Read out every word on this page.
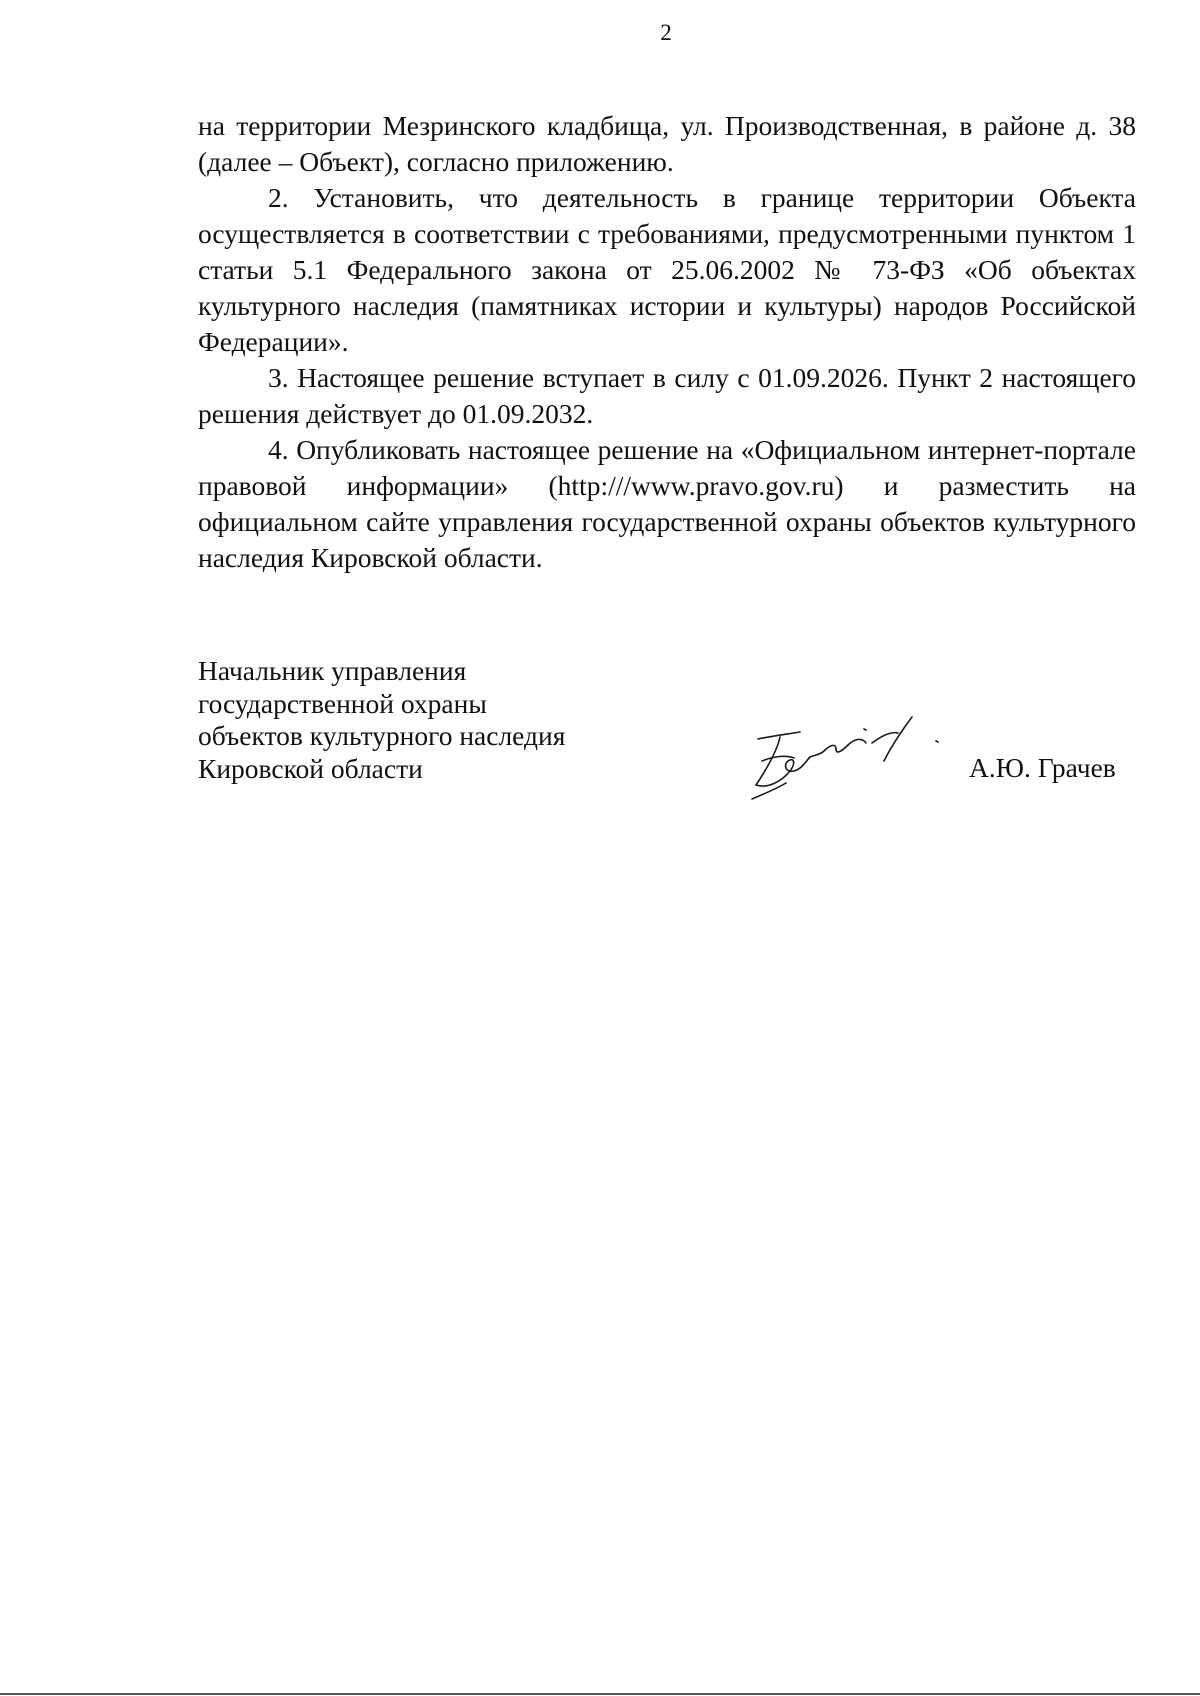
2

на территории Мезринского кладбища, ул. Производственная, в районе д. 38 (далее – Объект), согласно приложению.

2. Установить, что деятельность в границе территории Объекта осуществляется в соответствии с требованиями, предусмотренными пунктом 1 статьи 5.1 Федерального закона от 25.06.2002 № 73-ФЗ «Об объектах культурного наследия (памятниках истории и культуры) народов Российской Федерации».

3. Настоящее решение вступает в силу с 01.09.2026. Пункт 2 настоящего решения действует до 01.09.2032.

4. Опубликовать настоящее решение на «Официальном интернет-портале правовой информации» (http:///www.pravo.gov.ru) и разместить на официальном сайте управления государственной охраны объектов культурного наследия Кировской области.

Начальник управления
государственной охраны
объектов культурного наследия
Кировской области	А.Ю. Грачев
